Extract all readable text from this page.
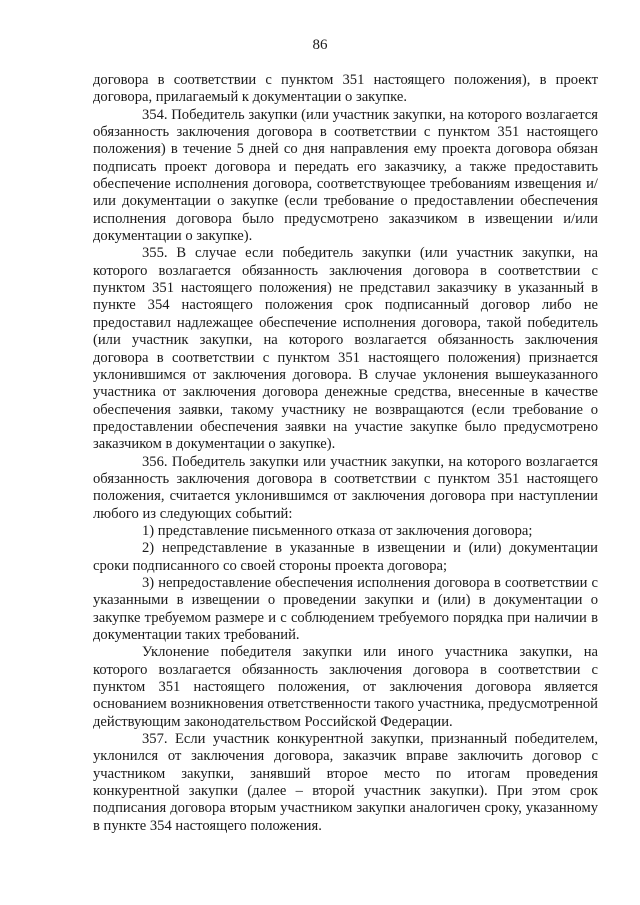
86

договора в соответствии с пунктом 351 настоящего положения), в проект договора, прилагаемый к документации о закупке.

354. Победитель закупки (или участник закупки, на которого возлагается обязанность заключения договора в соответствии с пунктом 351 настоящего положения) в течение 5 дней со дня направления ему проекта договора обязан подписать проект договора и передать его заказчику, а также предоставить обеспечение исполнения договора, соответствующее требованиям извещения и/или документации о закупке (если требование о предоставлении обеспечения исполнения договора было предусмотрено заказчиком в извещении и/или документации о закупке).

355. В случае если победитель закупки (или участник закупки, на которого возлагается обязанность заключения договора в соответствии с пунктом 351 настоящего положения) не представил заказчику в указанный в пункте 354 настоящего положения срок подписанный договор либо не предоставил надлежащее обеспечение исполнения договора, такой победитель (или участник закупки, на которого возлагается обязанность заключения договора в соответствии с пунктом 351 настоящего положения) признается уклонившимся от заключения договора. В случае уклонения вышеуказанного участника от заключения договора денежные средства, внесенные в качестве обеспечения заявки, такому участнику не возвращаются (если требование о предоставлении обеспечения заявки на участие закупке было предусмотрено заказчиком в документации о закупке).

356. Победитель закупки или участник закупки, на которого возлагается обязанность заключения договора в соответствии с пунктом 351 настоящего положения, считается уклонившимся от заключения договора при наступлении любого из следующих событий:

1) представление письменного отказа от заключения договора;

2) непредставление в указанные в извещении и (или) документации сроки подписанного со своей стороны проекта договора;

3) непредоставление обеспечения исполнения договора в соответствии с указанными в извещении о проведении закупки и (или) в документации о закупке требуемом размере и с соблюдением требуемого порядка при наличии в документации таких требований.

Уклонение победителя закупки или иного участника закупки, на которого возлагается обязанность заключения договора в соответствии с пунктом 351 настоящего положения, от заключения договора является основанием возникновения ответственности такого участника, предусмотренной действующим законодательством Российской Федерации.

357. Если участник конкурентной закупки, признанный победителем, уклонился от заключения договора, заказчик вправе заключить договор с участником закупки, занявший второе место по итогам проведения конкурентной закупки (далее – второй участник закупки). При этом срок подписания договора вторым участником закупки аналогичен сроку, указанному в пункте 354 настоящего положения.
